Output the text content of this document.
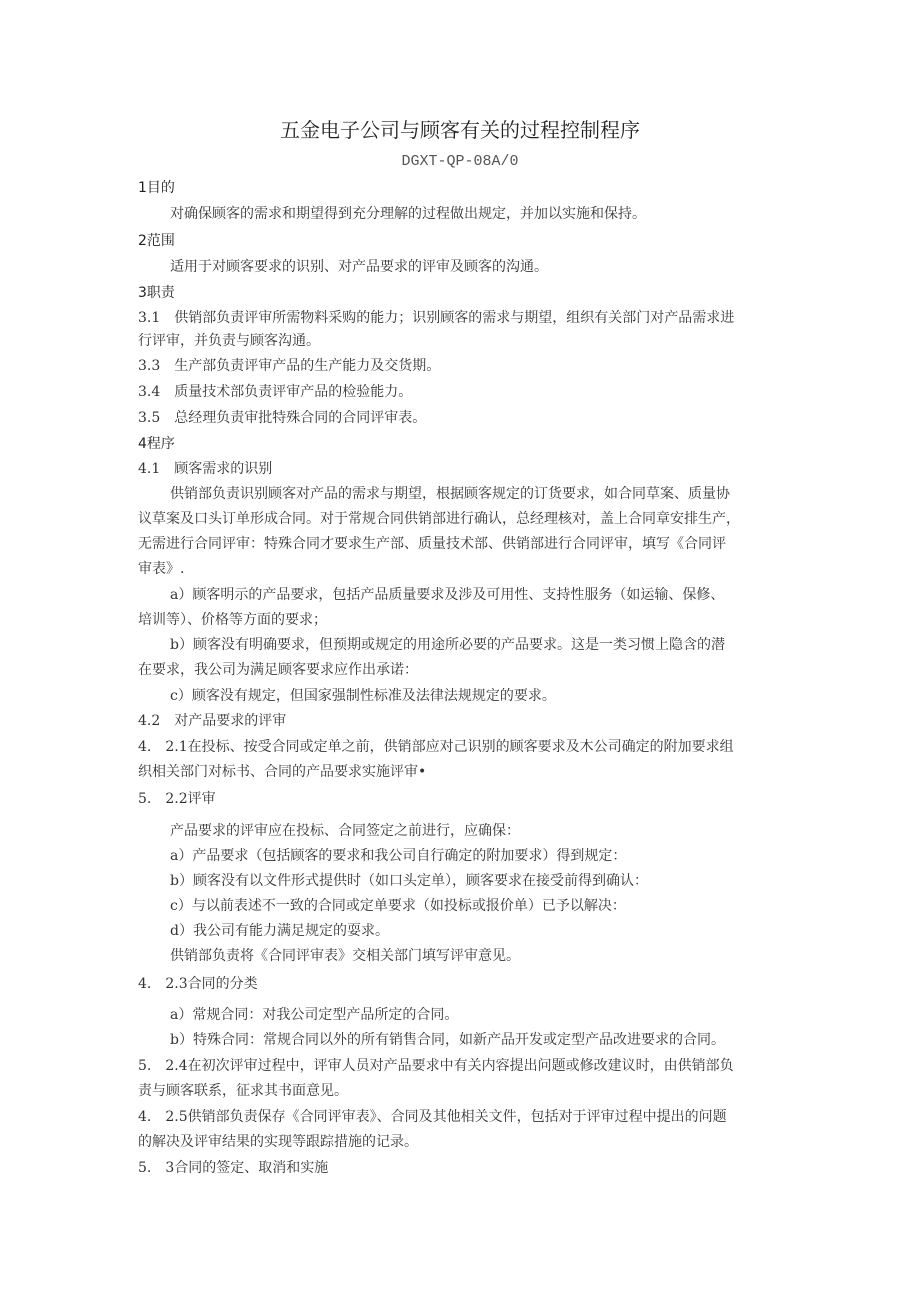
五金电子公司与顾客有关的过程控制程序
DGXT-QP-08A/0

1目的

对确保顾客的需求和期望得到充分理解的过程做出规定，并加以实施和保持。

2范围

适用于对顾客要求的识别、对产品要求的评审及顾客的沟通。

3职责

3.1　供销部负责评审所需物料采购的能力；识别顾客的需求与期望，组织有关部门对产品需求进

行评审，并负责与顾客沟通。

3.3　生产部负责评审产品的生产能力及交货期。

3.4　质量技术部负责评审产品的检验能力。

3.5　总经理负责审批特殊合同的合同评审表。

4程序

4.1　顾客需求的识别

供销部负责识别顾客对产品的需求与期望，根据顾客规定的订货要求，如合同草案、质量协

议草案及口头订单形成合同。对于常规合同供销部进行确认，总经理核对，盖上合同章安排生产，

无需进行合同评审：特殊合同才要求生产部、质量技术部、供销部进行合同评审，填写《合同评

审表》.

a）顾客明示的产品要求，包括产品质量要求及涉及可用性、支持性服务（如运输、保修、

培训等）、价格等方面的要求；

b）顾客没有明确要求，但预期或规定的用途所必要的产品要求。这是一类习惯上隐含的潜

在要求，我公司为满足顾客要求应作出承诺：

c）顾客没有规定，但国家强制性标准及法律法规规定的要求。

4.2　对产品要求的评审

4.　2.1在投标、按受合同或定单之前，供销部应对己识别的顾客要求及木公司确定的附加要求组

织相关部门对标书、合同的产品要求实施评审•

5.　2.2评审

产品要求的评审应在投标、合同签定之前进行，应确保：

a）产品要求（包括顾客的要求和我公司自行确定的附加要求）得到规定：

b）顾客没有以文件形式提供时（如口头定单），顾客要求在接受前得到确认：

c）与以前表述不一致的合同或定单要求（如投标或报价单）已予以解决：

d）我公司有能力满足规定的耍求。

供销部负责将《合同评审表》交相关部门填写评审意见。

4.　2.3合同的分类

a）常规合同：对我公司定型产品所定的合同。

b）特殊合同：常规合同以外的所有销售合同，如新产品开发或定型产品改进要求的合同。

5.　2.4在初次评审过程中，评审人员对产品要求中有关内容提出问题或修改建议时，由供销部负

责与顾客联系，征求其书面意见。

4.　2.5供销部负责保存《合同评审表》、合同及其他相关文件，包括对于评审过程中提出的问题

的解决及评审结果的实现等跟踪措施的记录。

5.　3合同的签定、取消和实施
